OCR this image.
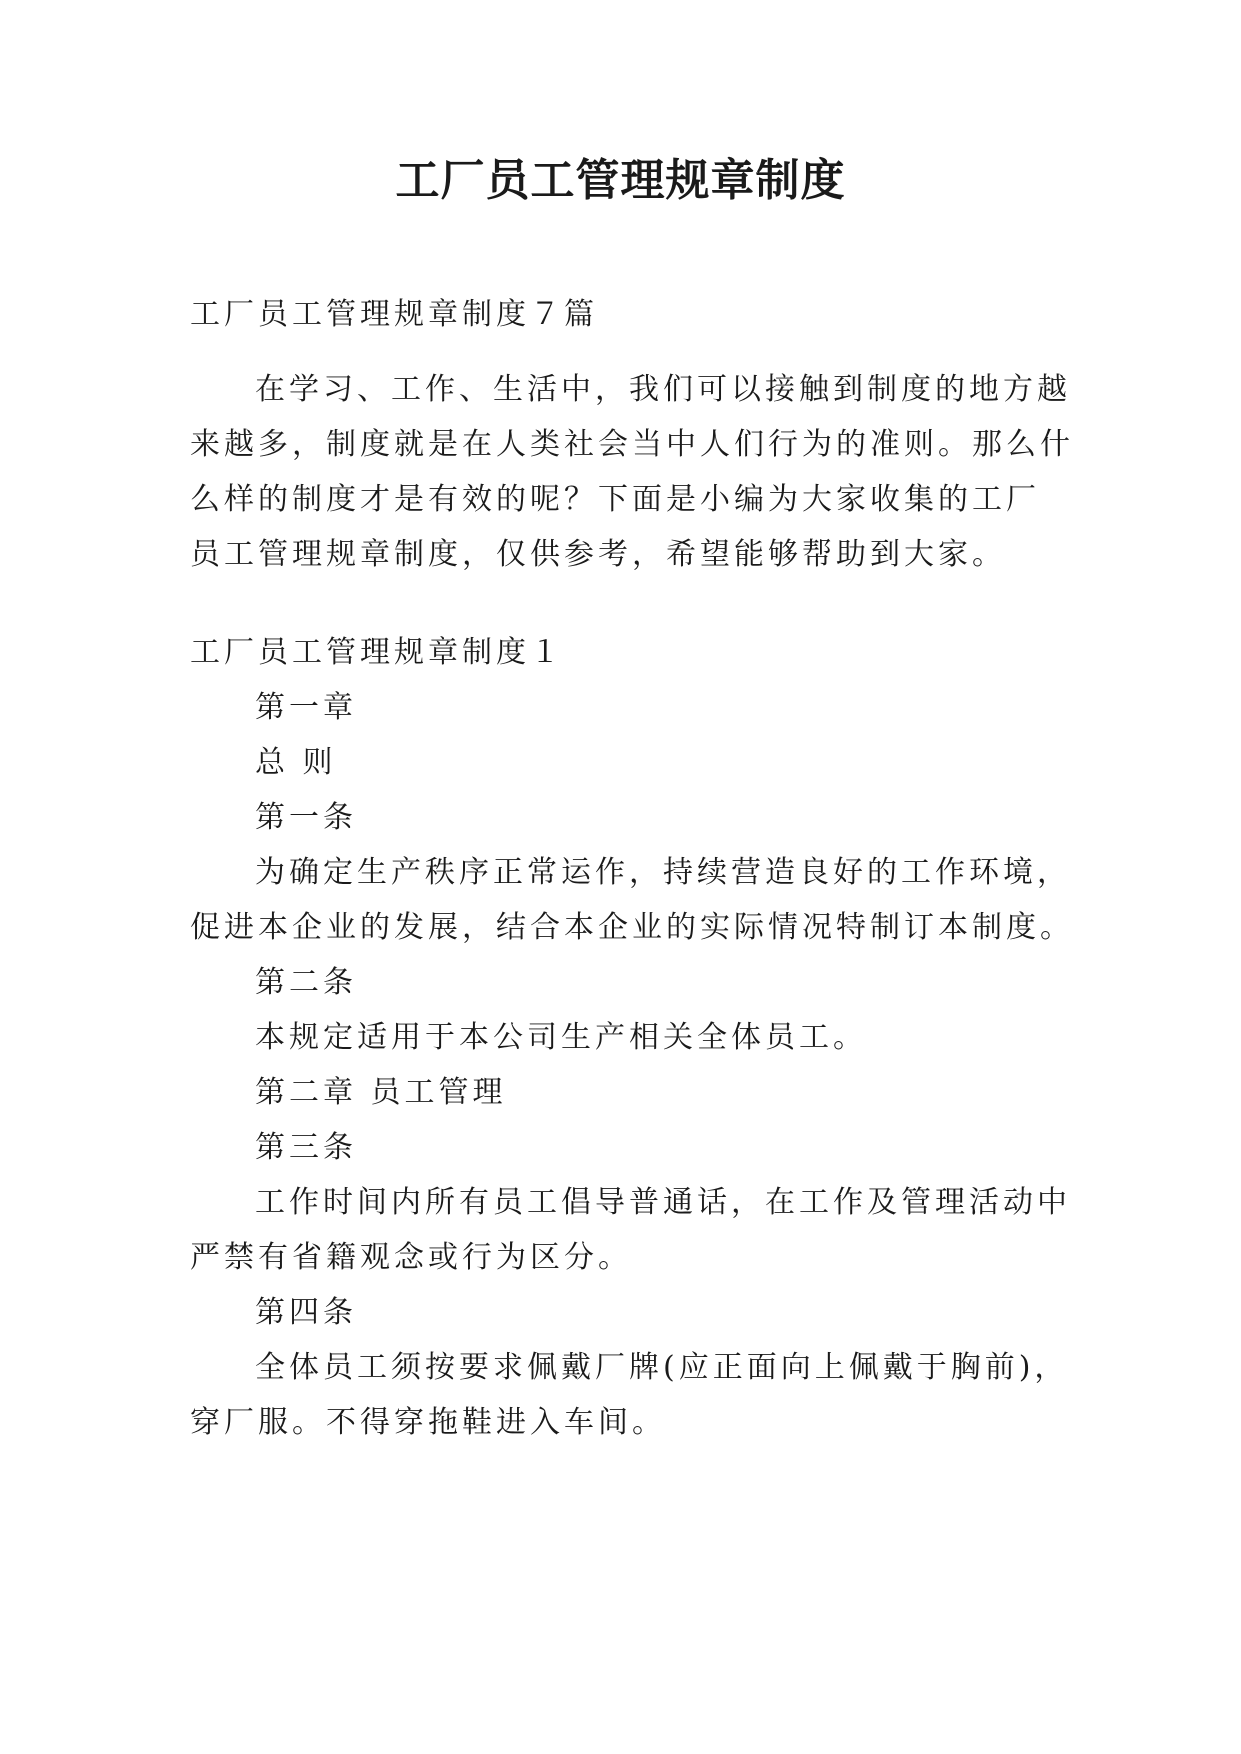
工厂员工管理规章制度

工厂员工管理规章制度７篇

在学习、工作、生活中，我们可以接触到制度的地方越

来越多，制度就是在人类社会当中人们行为的准则。那么什

么样的制度才是有效的呢？下面是小编为大家收集的工厂

员工管理规章制度，仅供参考，希望能够帮助到大家。

工厂员工管理规章制度１

第一章

总 则

第一条

为确定生产秩序正常运作，持续营造良好的工作环境，

促进本企业的发展，结合本企业的实际情况特制订本制度。

第二条

本规定适用于本公司生产相关全体员工。

第二章 员工管理

第三条

工作时间内所有员工倡导普通话，在工作及管理活动中

严禁有省籍观念或行为区分。

第四条

全体员工须按要求佩戴厂牌(应正面向上佩戴于胸前)，

穿厂服。不得穿拖鞋进入车间。
